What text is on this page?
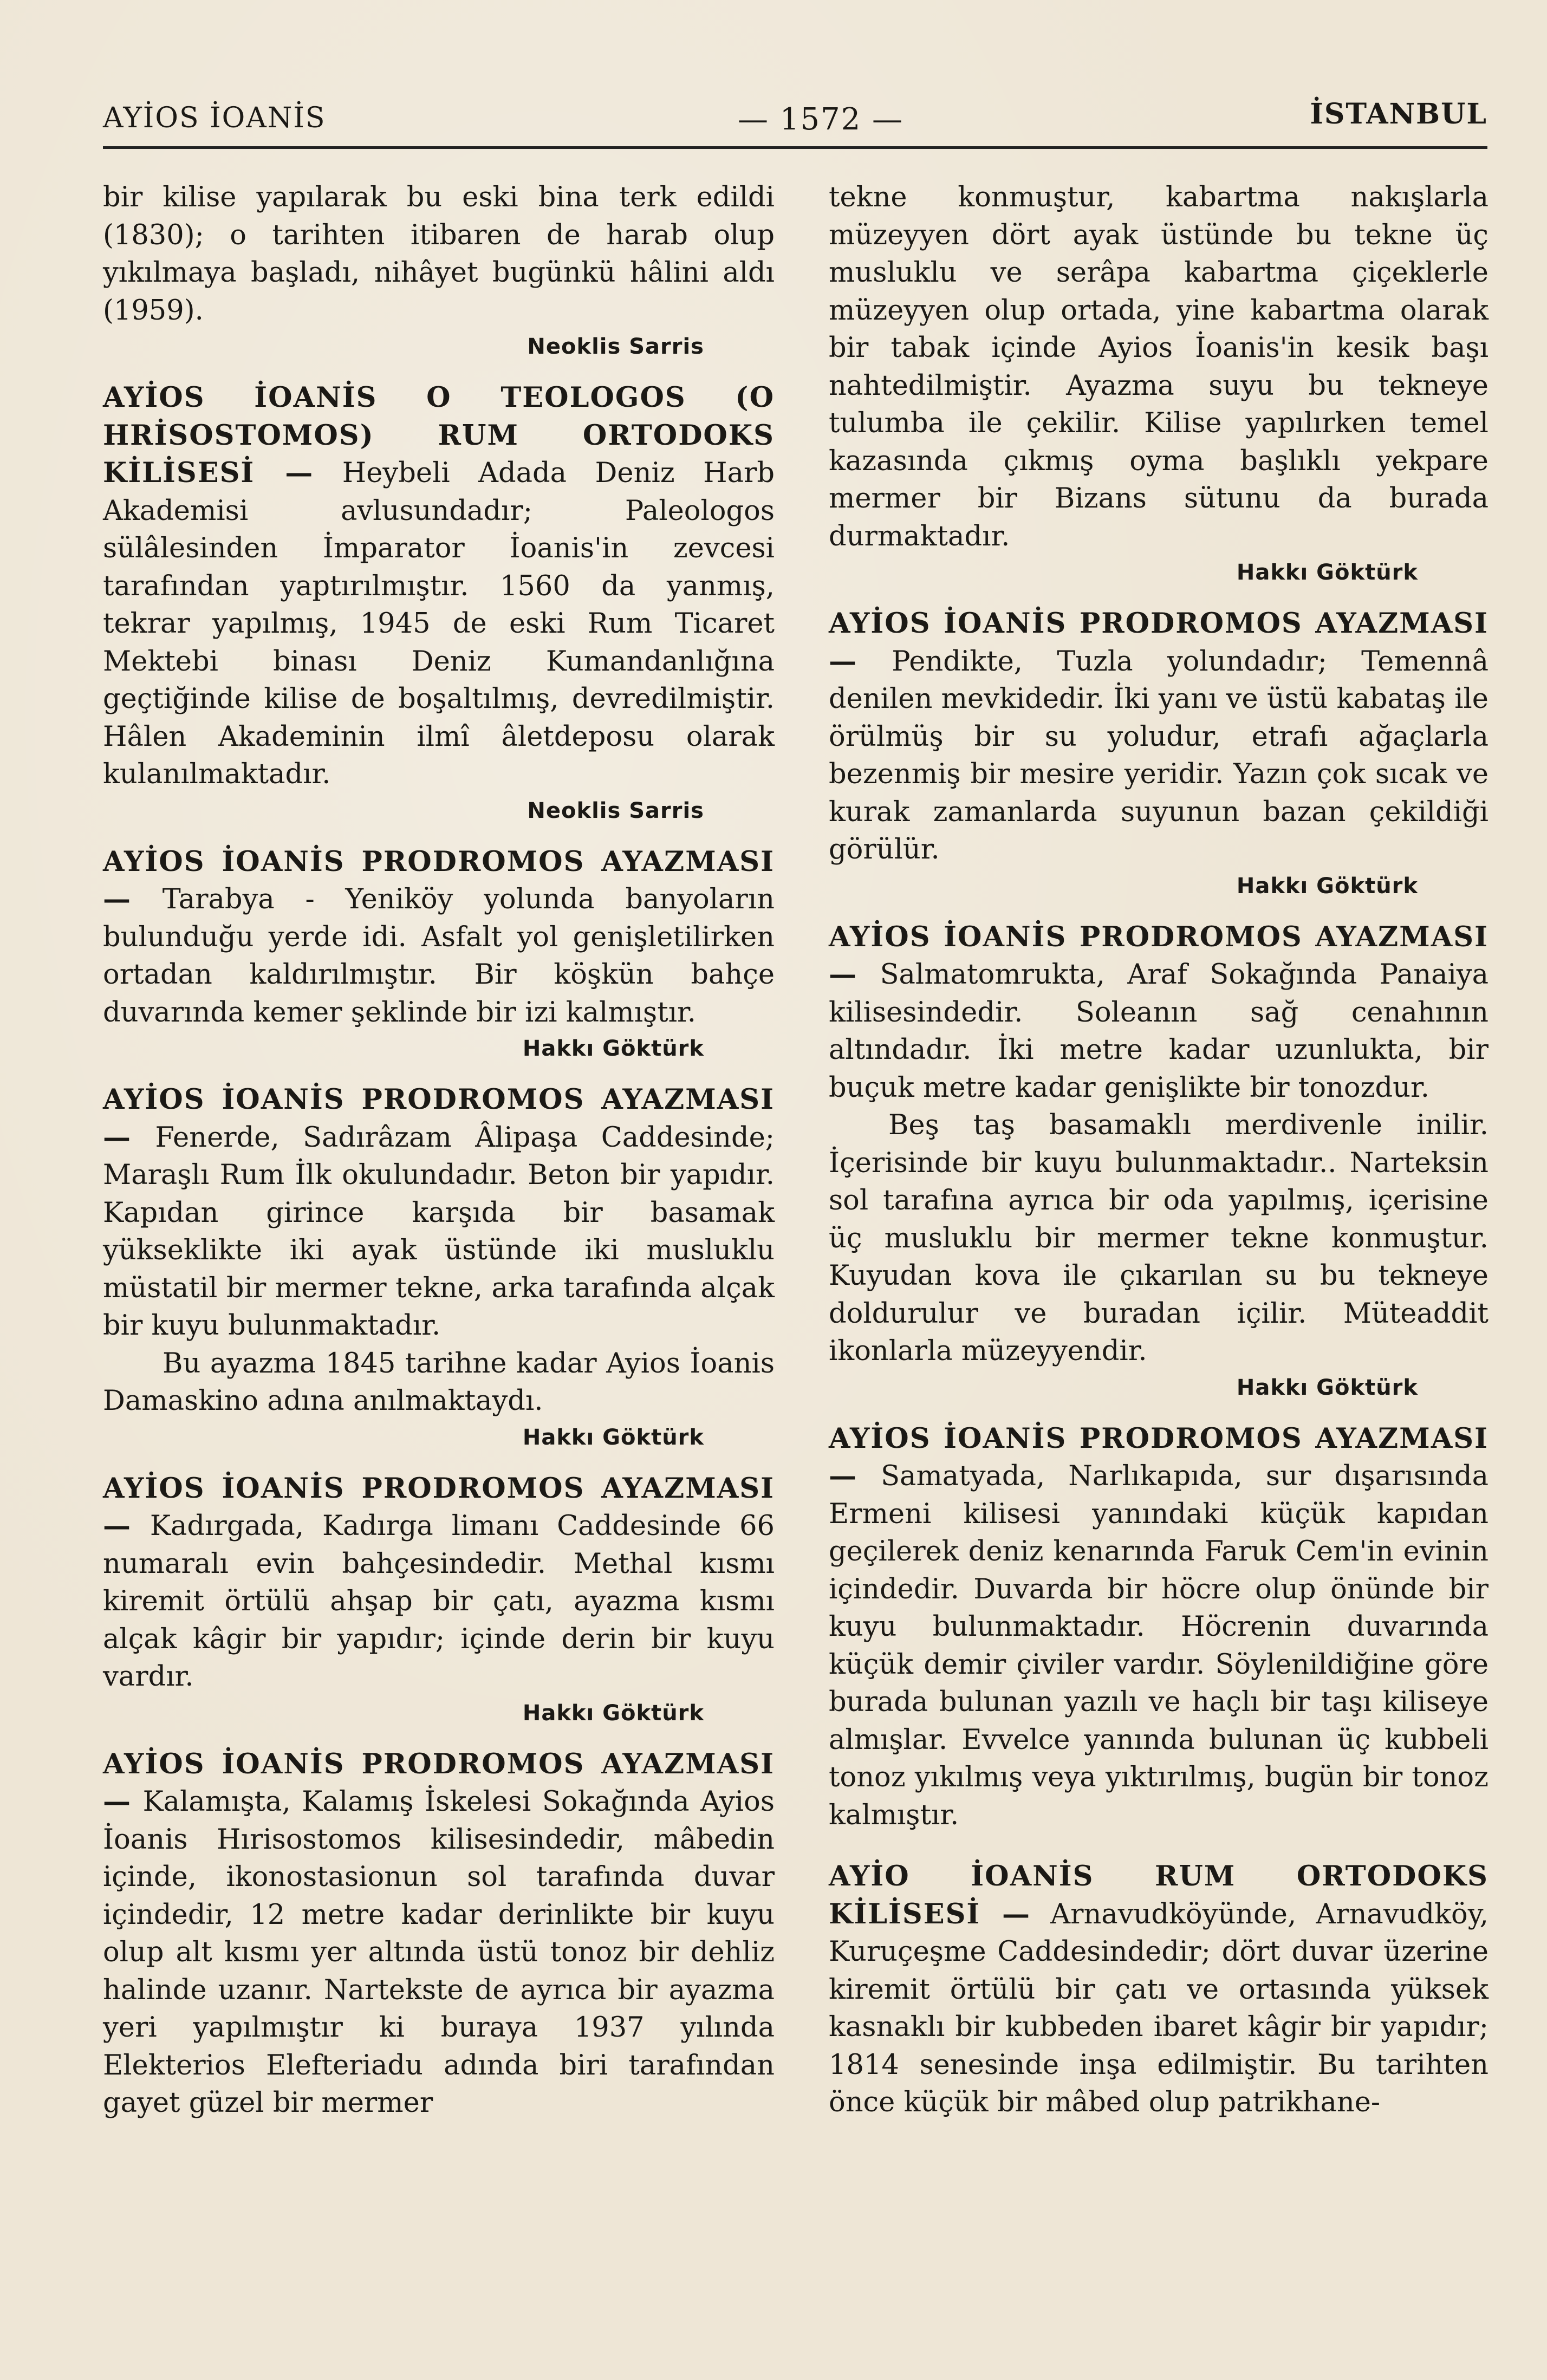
AYİOS İOANİS	— 1572 —	İSTANBUL

bir kilise yapılarak bu eski bina terk edildi (1830); o tarihten itibaren de harab olup yıkılmaya başladı, nihâyet bugünkü hâlini aldı (1959).

Neoklis Sarris

AYİOS İOANİS O TEOLOGOS (O HRİSOSTOMOS) RUM ORTODOKS KİLİSESİ — Heybeli Adada Deniz Harb Akademisi avlusundadır; Paleologos sülâlesinden İmparator İoanis'in zevcesi tarafından yaptırılmıştır. 1560 da yanmış, tekrar yapılmış, 1945 de eski Rum Ticaret Mektebi binası Deniz Kumandanlığına geçtiğinde kilise de boşaltılmış, devredilmiştir. Hâlen Akademinin ilmî âletdeposu olarak kulanılmaktadır.

Neoklis Sarris

AYİOS İOANİS PRODROMOS AYAZMASI — Tarabya - Yeniköy yolunda banyoların bulunduğu yerde idi. Asfalt yol genişletilirken ortadan kaldırılmıştır. Bir köşkün bahçe duvarında kemer şeklinde bir izi kalmıştır.

Hakkı Göktürk

AYİOS İOANİS PRODROMOS AYAZMASI — Fenerde, Sadırâzam Âlipaşa Caddesinde; Maraşlı Rum İlk okulundadır. Beton bir yapıdır. Kapıdan girince karşıda bir basamak yükseklikte iki ayak üstünde iki musluklu müstatil bir mermer tekne, arka tarafında alçak bir kuyu bulunmaktadır.

Bu ayazma 1845 tarihne kadar Ayios İoanis Damaskino adına anılmaktaydı.

Hakkı Göktürk

AYİOS İOANİS PRODROMOS AYAZMASI — Kadırgada, Kadırga limanı Caddesinde 66 numaralı evin bahçesindedir. Methal kısmı kiremit örtülü ahşap bir çatı, ayazma kısmı alçak kâgir bir yapıdır; içinde derin bir kuyu vardır.

Hakkı Göktürk

AYİOS İOANİS PRODROMOS AYAZMASI — Kalamışta, Kalamış İskelesi Sokağında Ayios İoanis Hırisostomos kilisesindedir, mâbedin içinde, ikonostasionun sol tarafında duvar içindedir, 12 metre kadar derinlikte bir kuyu olup alt kısmı yer altında üstü tonoz bir dehliz halinde uzanır. Nartekste de ayrıca bir ayazma yeri yapılmıştır ki buraya 1937 yılında Elekterios Elefteriadu adında biri tarafından gayet güzel bir mermer

tekne konmuştur, kabartma nakışlarla müzeyyen dört ayak üstünde bu tekne üç musluklu ve serâpa kabartma çiçeklerle müzeyyen olup ortada, yine kabartma olarak bir tabak içinde Ayios İoanis'in kesik başı nahtedilmiştir. Ayazma suyu bu tekneye tulumba ile çekilir. Kilise yapılırken temel kazasında çıkmış oyma başlıklı yekpare mermer bir Bizans sütunu da burada durmaktadır.

Hakkı Göktürk

AYİOS İOANİS PRODROMOS AYAZMASI — Pendikte, Tuzla yolundadır; Temennâ denilen mevkidedir. İki yanı ve üstü kabataş ile örülmüş bir su yoludur, etrafı ağaçlarla bezenmiş bir mesire yeridir. Yazın çok sıcak ve kurak zamanlarda suyunun bazan çekildiği görülür.

Hakkı Göktürk

AYİOS İOANİS PRODROMOS AYAZMASI — Salmatomrukta, Araf Sokağında Panaiya kilisesindedir. Soleanın sağ cenahının altındadır. İki metre kadar uzunlukta, bir buçuk metre kadar genişlikte bir tonozdur.

Beş taş basamaklı merdivenle inilir. İçerisinde bir kuyu bulunmaktadır.. Narteksin sol tarafına ayrıca bir oda yapılmış, içerisine üç musluklu bir mermer tekne konmuştur. Kuyudan kova ile çıkarılan su bu tekneye doldurulur ve buradan içilir. Müteaddit ikonlarla müzeyyendir.

Hakkı Göktürk

AYİOS İOANİS PRODROMOS AYAZMASI — Samatyada, Narlıkapıda, sur dışarısında Ermeni kilisesi yanındaki küçük kapıdan geçilerek deniz kenarında Faruk Cem'in evinin içindedir. Duvarda bir höcre olup önünde bir kuyu bulunmaktadır. Höcrenin duvarında küçük demir çiviler vardır. Söylenildiğine göre burada bulunan yazılı ve haçlı bir taşı kiliseye almışlar. Evvelce yanında bulunan üç kubbeli tonoz yıkılmış veya yıktırılmış, bugün bir tonoz kalmıştır.

AYİO İOANİS RUM ORTODOKS KİLİSESİ — Arnavudköyünde, Arnavudköy, Kuruçeşme Caddesindedir; dört duvar üzerine kiremit örtülü bir çatı ve ortasında yüksek kasnaklı bir kubbeden ibaret kâgir bir yapıdır; 1814 senesinde inşa edilmiştir. Bu tarihten önce küçük bir mâbed olup patrikhane-
